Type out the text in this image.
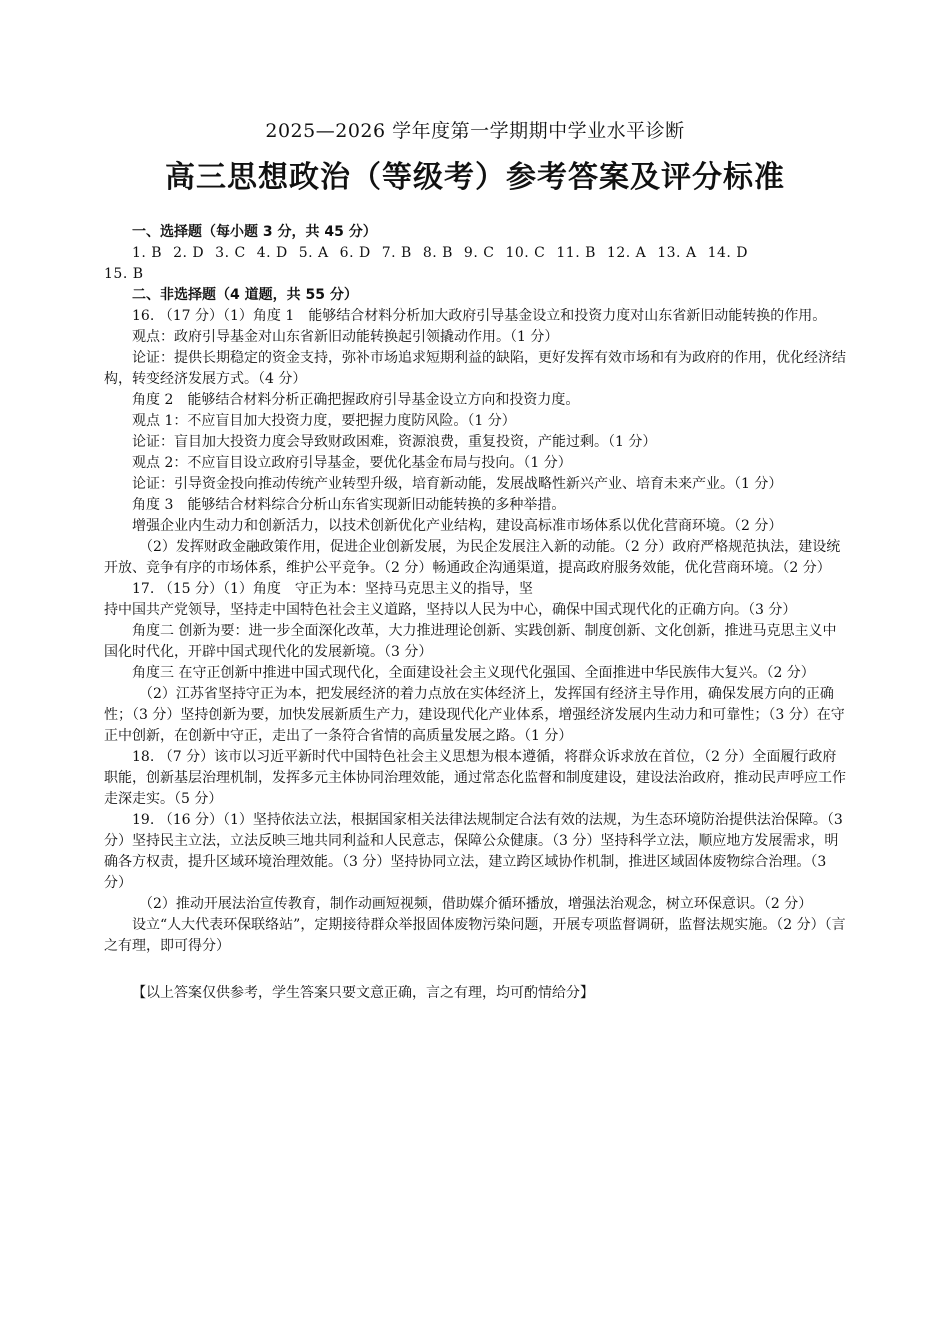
2025—2026 学年度第一学期期中学业水平诊断
高三思想政治（等级考）参考答案及评分标准

一、选择题（每小题 3 分，共 45 分）

1. B 2. D 3. C 4. D 5. A 6. D 7. B 8. B 9. C 10. C 11. B 12. A 13. A 14. D

15. B

二、非选择题（4 道题，共 55 分）

16. （17 分）（1）角度 1　能够结合材料分析加大政府引导基金设立和投资力度对山东省新旧动能转换的作用。

观点：政府引导基金对山东省新旧动能转换起引领撬动作用。（1 分）

论证：提供长期稳定的资金支持，弥补市场追求短期利益的缺陷，更好发挥有效市场和有为政府的作用，优化经济结构，转变经济发展方式。（4 分）

角度 2　能够结合材料分析正确把握政府引导基金设立方向和投资力度。

观点 1：不应盲目加大投资力度，要把握力度防风险。（1 分）

论证：盲目加大投资力度会导致财政困难，资源浪费，重复投资，产能过剩。（1 分）

观点 2：不应盲目设立政府引导基金，要优化基金布局与投向。（1 分）

论证：引导资金投向推动传统产业转型升级，培育新动能，发展战略性新兴产业、培育未来产业。（1 分）

角度 3　能够结合材料综合分析山东省实现新旧动能转换的多种举措。

增强企业内生动力和创新活力，以技术创新优化产业结构，建设高标准市场体系以优化营商环境。（2 分）

（2）发挥财政金融政策作用，促进企业创新发展，为民企发展注入新的动能。（2 分）政府严格规范执法，建设统开放、竞争有序的市场体系，维护公平竞争。（2 分）畅通政企沟通渠道，提高政府服务效能，优化营商环境。（2 分）

17. （15 分）（1）角度　守正为本：坚持马克思主义的指导，坚

持中国共产党领导，坚持走中国特色社会主义道路，坚持以人民为中心，确保中国式现代化的正确方向。（3 分）

角度二 创新为要：进一步全面深化改革，大力推进理论创新、实践创新、制度创新、文化创新，推进马克思主义中国化时代化，开辟中国式现代化的发展新境。（3 分）

角度三 在守正创新中推进中国式现代化，全面建设社会主义现代化强国、全面推进中华民族伟大复兴。（2 分）

（2）江苏省坚持守正为本，把发展经济的着力点放在实体经济上，发挥国有经济主导作用，确保发展方向的正确性；（3 分）坚持创新为要，加快发展新质生产力，建设现代化产业体系，增强经济发展内生动力和可靠性；（3 分）在守正中创新，在创新中守正，走出了一条符合省情的高质量发展之路。（1 分）

18. （7 分）该市以习近平新时代中国特色社会主义思想为根本遵循，将群众诉求放在首位，（2 分）全面履行政府职能，创新基层治理机制，发挥多元主体协同治理效能，通过常态化监督和制度建设，建设法治政府，推动民声呼应工作走深走实。（5 分）

19. （16 分）（1）坚持依法立法，根据国家相关法律法规制定合法有效的法规，为生态环境防治提供法治保障。（3 分）坚持民主立法，立法反映三地共同利益和人民意志，保障公众健康。（3 分）坚持科学立法，顺应地方发展需求，明确各方权责，提升区域环境治理效能。（3 分）坚持协同立法，建立跨区域协作机制，推进区域固体废物综合治理。（3 分）

（2）推动开展法治宣传教育，制作动画短视频，借助媒介循环播放，增强法治观念，树立环保意识。（2 分）

设立“人大代表环保联络站”，定期接待群众举报固体废物污染问题，开展专项监督调研，监督法规实施。（2 分）（言之有理，即可得分）

【以上答案仅供参考，学生答案只要文意正确，言之有理，均可酌情给分】
